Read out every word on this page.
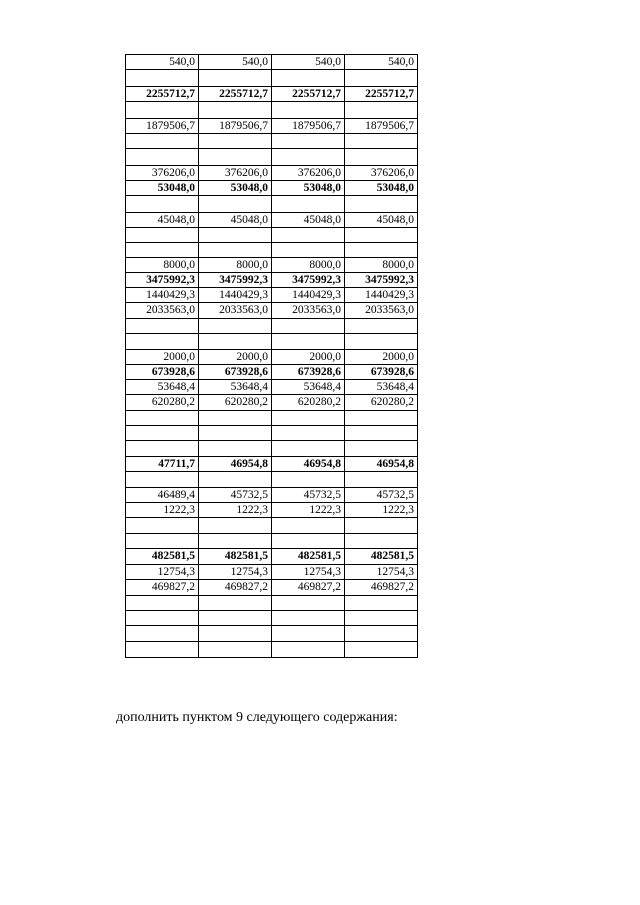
540,0	540,0	540,0	540,0

2255712,7	2255712,7	2255712,7	2255712,7

1879506,7	1879506,7	1879506,7	1879506,7

376206,0	376206,0	376206,0	376206,0
53048,0	53048,0	53048,0	53048,0

45048,0	45048,0	45048,0	45048,0

8000,0	8000,0	8000,0	8000,0
3475992,3	3475992,3	3475992,3	3475992,3
1440429,3	1440429,3	1440429,3	1440429,3
2033563,0	2033563,0	2033563,0	2033563,0

2000,0	2000,0	2000,0	2000,0
673928,6	673928,6	673928,6	673928,6
53648,4	53648,4	53648,4	53648,4
620280,2	620280,2	620280,2	620280,2

47711,7	46954,8	46954,8	46954,8

46489,4	45732,5	45732,5	45732,5
1222,3	1222,3	1222,3	1222,3

482581,5	482581,5	482581,5	482581,5
12754,3	12754,3	12754,3	12754,3
469827,2	469827,2	469827,2	469827,2

дополнить пунктом 9 следующего содержания:
